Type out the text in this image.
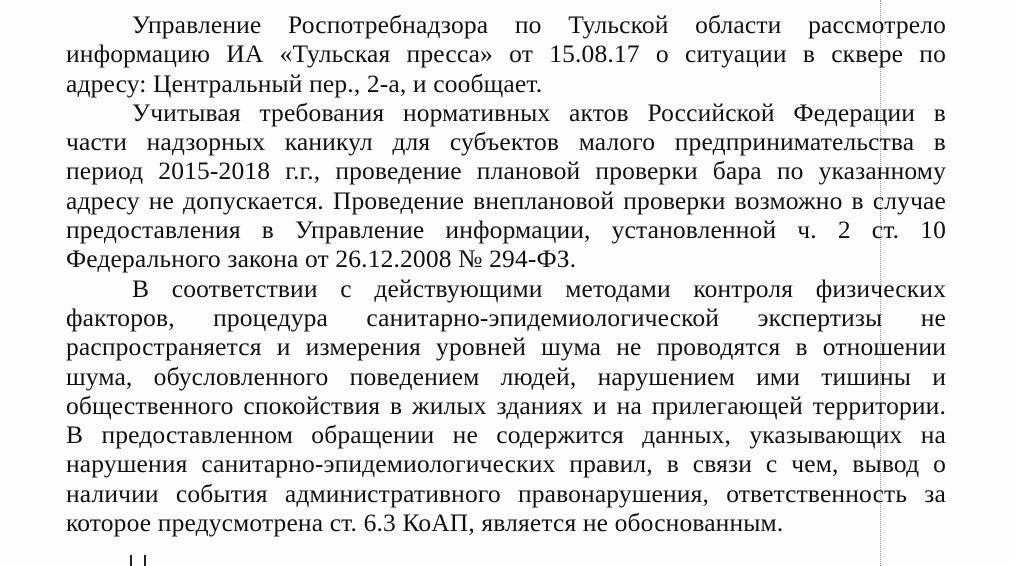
Управление Роспотребнадзора по Тульской области рассмотрело
информацию ИА «Тульская пресса» от 15.08.17 о ситуации в сквере по
адресу: Центральный пер., 2-а, и сообщает.

Учитывая требования нормативных актов Российской Федерации в
части надзорных каникул для субъектов малого предпринимательства в
период 2015-2018 г.г., проведение плановой проверки бара по указанному
адресу не допускается. Проведение внеплановой проверки возможно в случае
предоставления в Управление информации, установленной ч. 2 ст. 10
Федерального закона от 26.12.2008 № 294-ФЗ.

В соответствии с действующими методами контроля физических
факторов, процедура санитарно-эпидемиологической экспертизы не
распространяется и измерения уровней шума не проводятся в отношении
шума, обусловленного поведением людей, нарушением ими тишины и
общественного спокойствия в жилых зданиях и на прилегающей территории.
В предоставленном обращении не содержится данных, указывающих на
нарушения санитарно-эпидемиологических правил, в связи с чем, вывод о
наличии события административного правонарушения, ответственность за
которое предусмотрена ст. 6.3 КоАП, является не обоснованным.
